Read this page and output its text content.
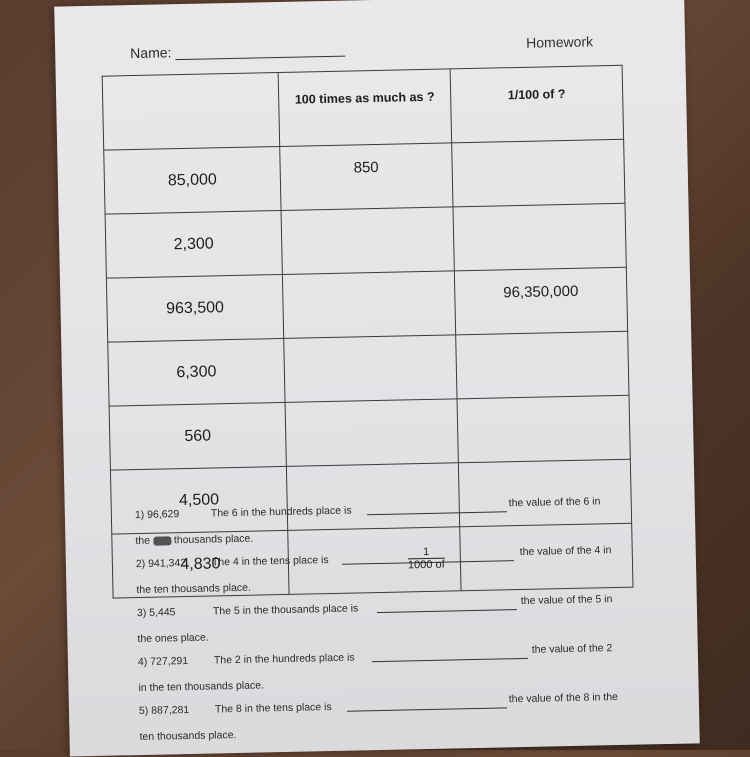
Name:
Homework
	100 times as much as ?	1/100 of ?
85,000	850	
2,300		
963,500		96,350,000
6,300		
560		
4,500		
4,830		
1) 96,629	The 6 in the hundreds place is
the value of the 6 in
the thousands place.
2) 941,342 The 4 in the tens place is	$\frac{1}{1000 of}$	the value of the 4 in
the ten thousands place.
3) 5,445	The 5 in the thousands place is
the value of the 5 in
the ones place.
4) 727,291 The 2 in the hundreds place is
the value of the 2
in the ten thousands place.
5) 887,281 The 8 in the tens place is
the value of the 8 in the
ten thousands place.
